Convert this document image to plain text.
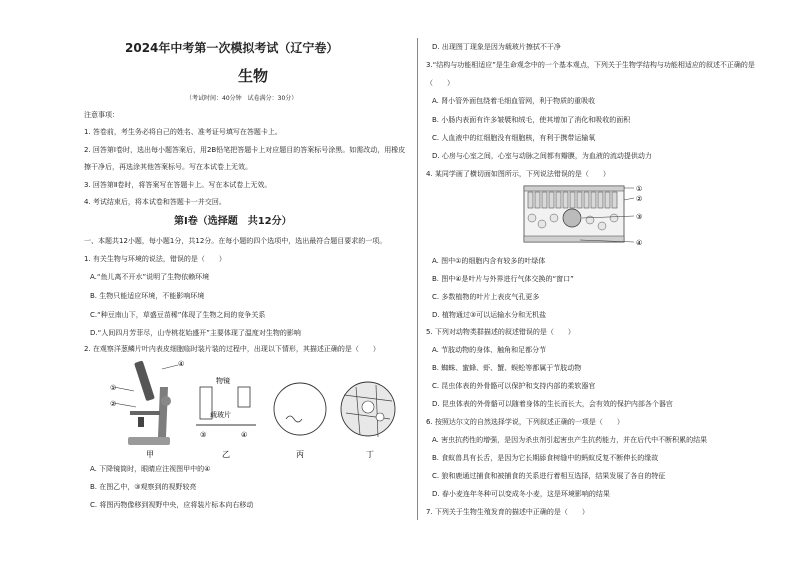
2024年中考第一次模拟考试（辽宁卷）
生物
（考试时间：40分钟　试卷满分：30分）
注意事项：
1. 答卷前，考生务必将自己的姓名、准考证号填写在答题卡上。
2. 回答第Ⅰ卷时，选出每小题答案后，用2B铅笔把答题卡上对应题目的答案标号涂黑。如需改动，用橡皮
擦干净后，再选涂其他答案标号。写在本试卷上无效。
3. 回答第Ⅱ卷时，将答案写在答题卡上。写在本试卷上无效。
4. 考试结束后，将本试卷和答题卡一并交回。
第Ⅰ卷（选择题　共12分）
一、本题共12小题，每小题1分，共12分。在每小题的四个选项中，选出最符合题目要求的一项。
1. 有关生物与环境的说法，错误的是（　　）
A.“鱼儿离不开水”说明了生物依赖环境
B. 生物只能适应环境，不能影响环境
C.“种豆南山下，草盛豆苗稀”体现了生物之间的竞争关系
D.“人间四月芳菲尽，山寺桃花始盛开”主要体现了温度对生物的影响
2. 在观察洋葱鳞片叶内表皮细胞临时装片装的过程中，出现以下情形，其描述正确的是（　　）
①
②
④
甲
物镜
载玻片
③	④
乙	丙	丁
A. 下降镜筒时，眼睛应注视图甲中的④
B. 在图乙中，③观察到的视野较亮
C. 将图丙物像移到视野中央，应将装片标本向右移动
D. 出现图丁现象是因为载玻片擦拭不干净
3.“结构与功能相适应”是生命观念中的一个基本观点，下列关于生物学结构与功能相适应的叙述不正确的是
（　　）
A. 肾小管外面包绕着毛细血管网，利于物质的重吸收
B. 小肠内表面有许多皱襞和绒毛，使其增加了消化和吸收的面积
C. 人血液中的红细胞没有细胞核，有利于携带运输氧
D. 心房与心室之间，心室与动脉之间都有瓣膜，为血液的流动提供动力
4. 某同学画了横切面如图所示，下列说法错误的是（　　）
①
②
③
④
A. 图中①的细胞内含有较多的叶绿体
B. 图中④是叶片与外界进行气体交换的“窗口”
C. 多数植物的叶片上表皮气孔更多
D. 植物通过③可以运输水分和无机盐
5. 下列对动物类群描述的叙述错误的是（　　）
A. 节肢动物的身体、触角和足都分节
B. 蜘蛛、蜜蜂、虾、蟹、蜈蚣等都属于节肢动物
C. 昆虫体表的外骨骼可以保护和支持内部的柔软器官
D. 昆虫体表的外骨骼可以随着身体的生长而长大，会有效的保护内部各个器官
6. 按照达尔文的自然选择学说，下列叙述正确的一项是（　　）
A. 害虫抗药性的增强，是因为杀虫剂引起害虫产生抗药能力，并在后代中不断积累的结果
B. 食蚁兽具有长舌，是因为它长期舔食树缝中的蚂蚁反复不断伸长的缘故
C. 狼和鹿通过捕食和被捕食的关系进行着相互选择，结果发展了各自的特征
D. 春小麦连年冬种可以变成冬小麦，这是环境影响的结果
7. 下列关于生物生殖发育的描述中正确的是（　　）
